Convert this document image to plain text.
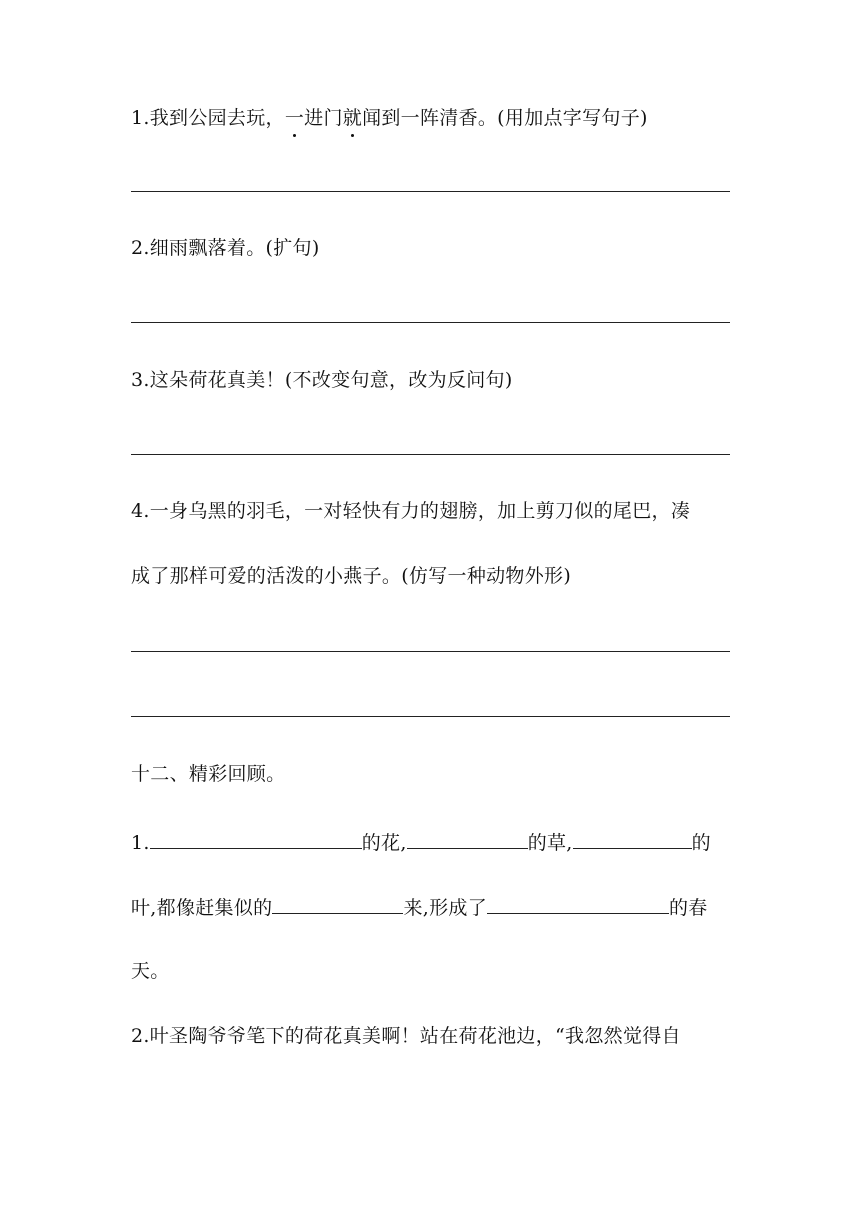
1.我到公园去玩，一进门就闻到一阵清香。(用加点字写句子)
2.细雨飘落着。(扩句)
3.这朵荷花真美！(不改变句意，改为反问句)
4.一身乌黑的羽毛，一对轻快有力的翅膀，加上剪刀似的尾巴，凑
成了那样可爱的活泼的小燕子。(仿写一种动物外形)
十二、精彩回顾。
1.	的花,	的草,	的
叶,都像赶集似的	来,形成了	的春
天。
2.叶圣陶爷爷笔下的荷花真美啊！站在荷花池边，“我忽然觉得自
